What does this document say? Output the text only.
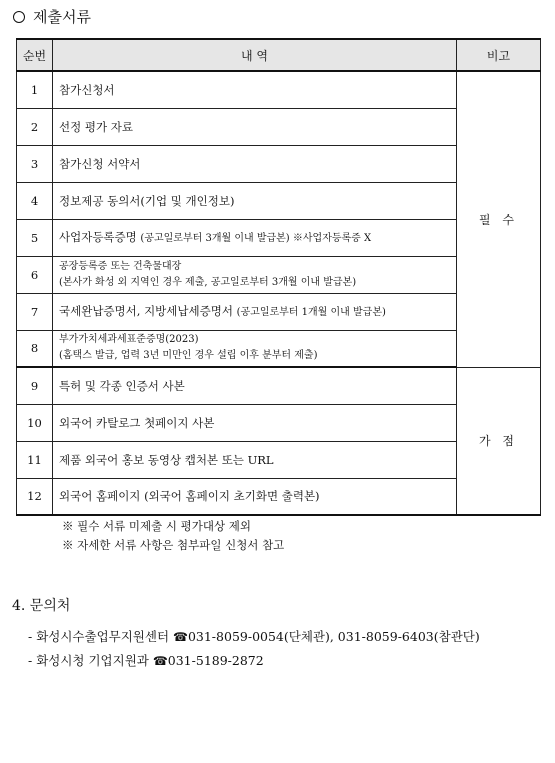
제출서류
순번	내 역	비고
1	참가신청서	필 수
2	선정 평가 자료	

3	참가신청 서약서	

4	정보제공 동의서(기업 및 개인정보)	

5	사업자등록증명 (공고일로부터 3개월 이내 발급본) ※사업자등록증 X	

6	공장등록증 또는 건축물대장
(본사가 화성 외 지역인 경우 제출, 공고일로부터 3개월 이내 발급본)	

7	국세완납증명서, 지방세납세증명서 (공고일로부터 1개월 이내 발급본)	

8	부가가치세과세표준증명(2023)
(홈택스 발급, 업력 3년 미만인 경우 설립 이후 분부터 제출)	

9	특허 및 각종 인증서 사본	가 점
10	외국어 카탈로그 첫페이지 사본	

11	제품 외국어 홍보 동영상 캡처본 또는 URL	

12	외국어 홈페이지 (외국어 홈페이지 초기화면 출력본)	
※ 필수 서류 미제출 시 평가대상 제외
※ 자세한 서류 사항은 첨부파일 신청서 참고
4. 문의처
- 화성시수출업무지원센터 ☎031-8059-0054(단체관), 031-8059-6403(참관단)
- 화성시청 기업지원과 ☎031-5189-2872
